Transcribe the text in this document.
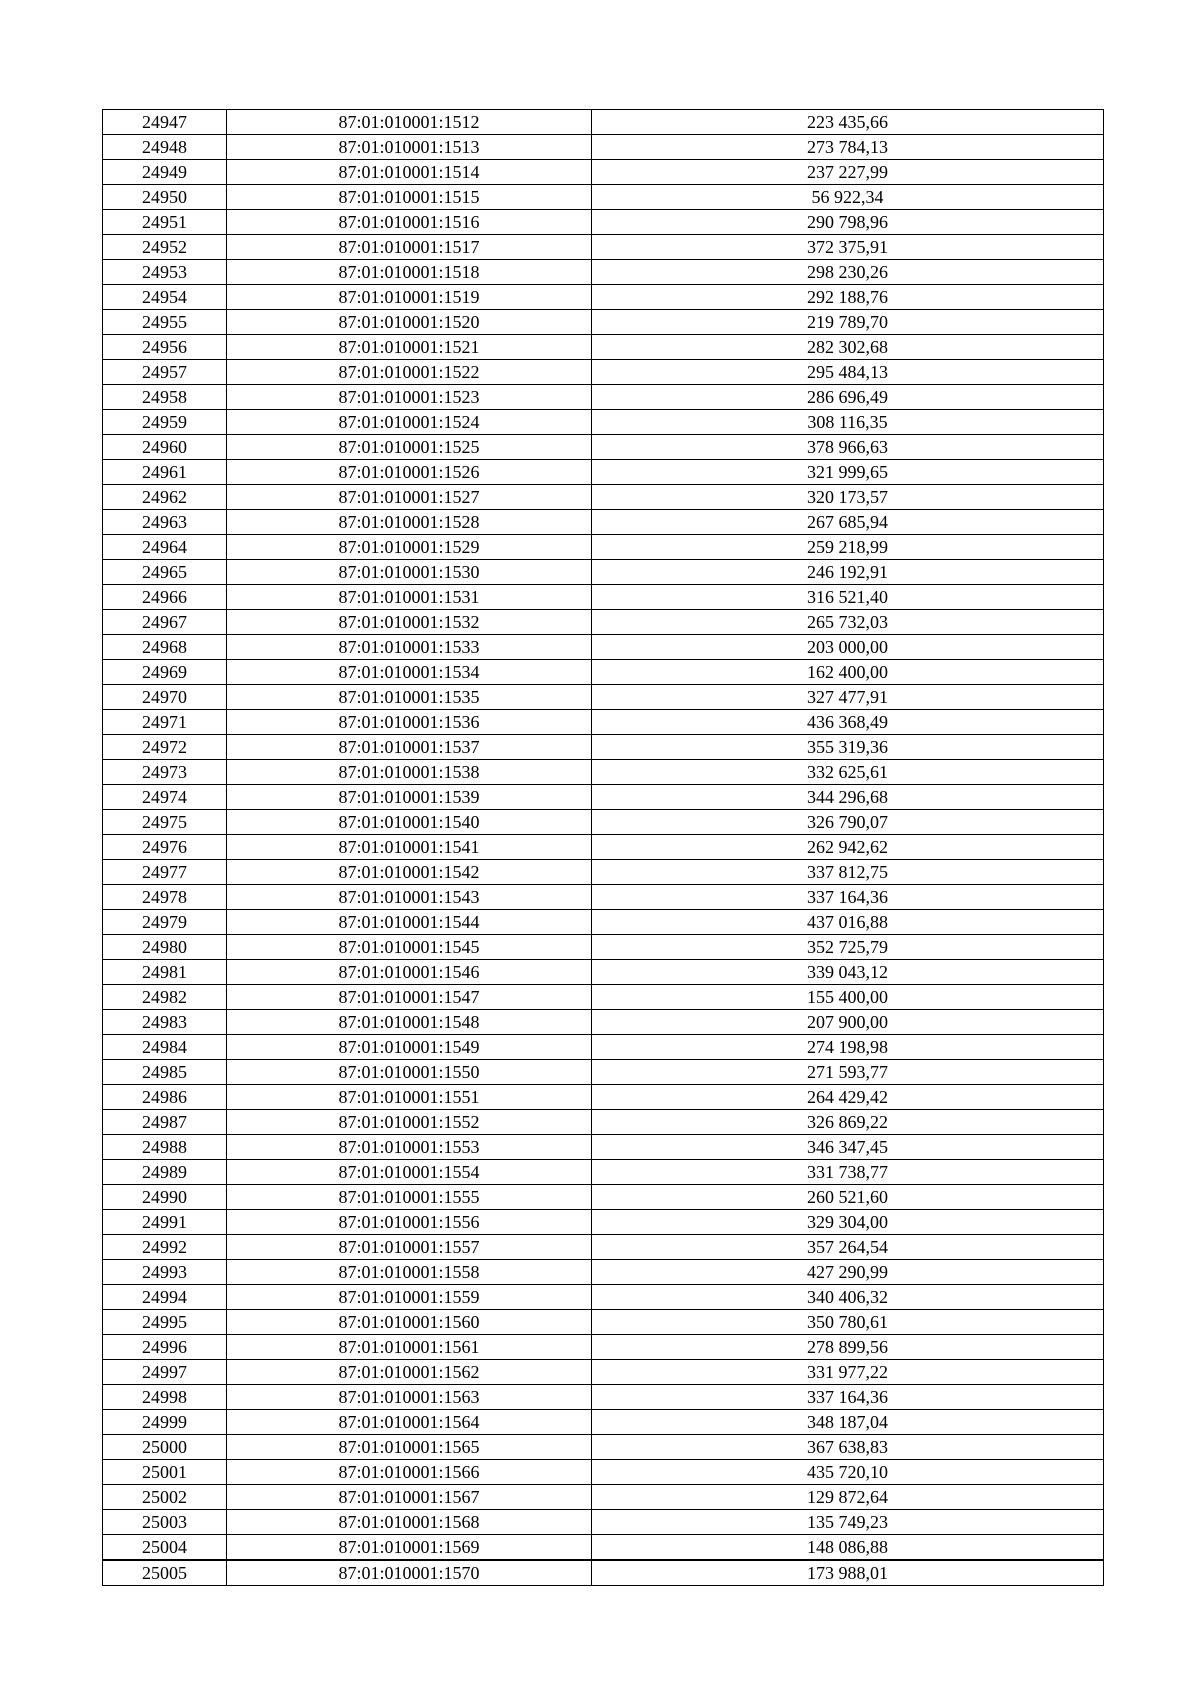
24947	87:01:010001:1512	223 435,66
24948	87:01:010001:1513	273 784,13
24949	87:01:010001:1514	237 227,99
24950	87:01:010001:1515	56 922,34
24951	87:01:010001:1516	290 798,96
24952	87:01:010001:1517	372 375,91
24953	87:01:010001:1518	298 230,26
24954	87:01:010001:1519	292 188,76
24955	87:01:010001:1520	219 789,70
24956	87:01:010001:1521	282 302,68
24957	87:01:010001:1522	295 484,13
24958	87:01:010001:1523	286 696,49
24959	87:01:010001:1524	308 116,35
24960	87:01:010001:1525	378 966,63
24961	87:01:010001:1526	321 999,65
24962	87:01:010001:1527	320 173,57
24963	87:01:010001:1528	267 685,94
24964	87:01:010001:1529	259 218,99
24965	87:01:010001:1530	246 192,91
24966	87:01:010001:1531	316 521,40
24967	87:01:010001:1532	265 732,03
24968	87:01:010001:1533	203 000,00
24969	87:01:010001:1534	162 400,00
24970	87:01:010001:1535	327 477,91
24971	87:01:010001:1536	436 368,49
24972	87:01:010001:1537	355 319,36
24973	87:01:010001:1538	332 625,61
24974	87:01:010001:1539	344 296,68
24975	87:01:010001:1540	326 790,07
24976	87:01:010001:1541	262 942,62
24977	87:01:010001:1542	337 812,75
24978	87:01:010001:1543	337 164,36
24979	87:01:010001:1544	437 016,88
24980	87:01:010001:1545	352 725,79
24981	87:01:010001:1546	339 043,12
24982	87:01:010001:1547	155 400,00
24983	87:01:010001:1548	207 900,00
24984	87:01:010001:1549	274 198,98
24985	87:01:010001:1550	271 593,77
24986	87:01:010001:1551	264 429,42
24987	87:01:010001:1552	326 869,22
24988	87:01:010001:1553	346 347,45
24989	87:01:010001:1554	331 738,77
24990	87:01:010001:1555	260 521,60
24991	87:01:010001:1556	329 304,00
24992	87:01:010001:1557	357 264,54
24993	87:01:010001:1558	427 290,99
24994	87:01:010001:1559	340 406,32
24995	87:01:010001:1560	350 780,61
24996	87:01:010001:1561	278 899,56
24997	87:01:010001:1562	331 977,22
24998	87:01:010001:1563	337 164,36
24999	87:01:010001:1564	348 187,04
25000	87:01:010001:1565	367 638,83
25001	87:01:010001:1566	435 720,10
25002	87:01:010001:1567	129 872,64
25003	87:01:010001:1568	135 749,23
25004	87:01:010001:1569	148 086,88
25005	87:01:010001:1570	173 988,01
